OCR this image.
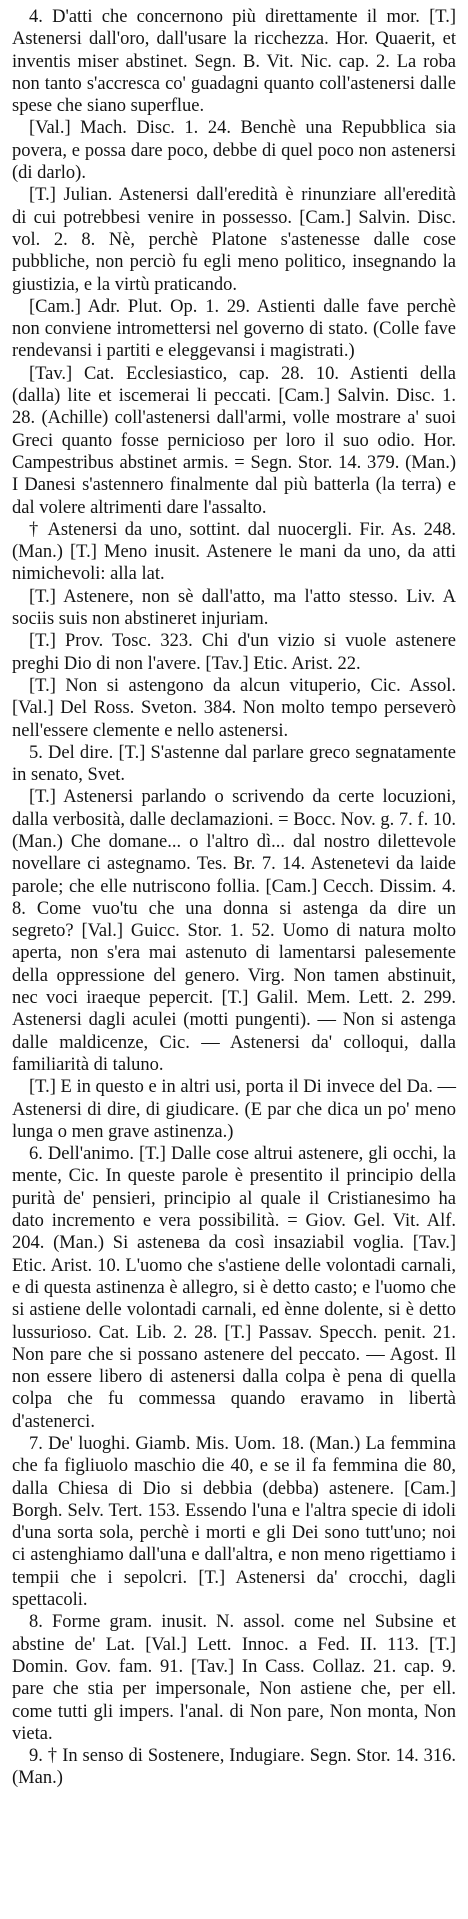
4. D'atti che concernono più direttamente il mor. [T.] Astenersi dall'oro, dall'usare la ricchezza. Hor. Quaerit, et inventis miser abstinet. Segn. B. Vit. Nic. cap. 2. La roba non tanto s'accresca co' guadagni quanto coll'astenersi dalle spese che siano superflue.

[Val.] Mach. Disc. 1. 24. Benchè una Repubblica sia povera, e possa dare poco, debbe di quel poco non astenersi (di darlo).

[T.] Julian. Astenersi dall'eredità è rinunziare all'eredità di cui potrebbesi venire in possesso. [Cam.] Salvin. Disc. vol. 2. 8. Nè, perchè Platone s'astenesse dalle cose pubbliche, non perciò fu egli meno politico, insegnando la giustizia, e la virtù praticando.

[Cam.] Adr. Plut. Op. 1. 29. Astienti dalle fave perchè non conviene intromettersi nel governo di stato. (Colle fave rendevansi i partiti e eleggevansi i magistrati.)

[Tav.] Cat. Ecclesiastico, cap. 28. 10. Astienti della (dalla) lite et iscemerai li peccati. [Cam.] Salvin. Disc. 1. 28. (Achille) coll'astenersi dall'armi, volle mostrare a' suoi Greci quanto fosse pernicioso per loro il suo odio. Hor. Campestribus abstinet armis. = Segn. Stor. 14. 379. (Man.) I Danesi s'astennero finalmente dal più batterla (la terra) e dal volere altrimenti dare l'assalto.

† Astenersi da uno, sottint. dal nuocergli. Fir. As. 248. (Man.) [T.] Meno inusit. Astenere le mani da uno, da atti nimichevoli: alla lat.

[T.] Astenere, non sè dall'atto, ma l'atto stesso. Liv. A sociis suis non abstineret injuriam.

[T.] Prov. Tosc. 323. Chi d'un vizio si vuole astenere preghi Dio di non l'avere. [Tav.] Etic. Arist. 22.

[T.] Non si astengono da alcun vituperio, Cic. Assol. [Val.] Del Ross. Sveton. 384. Non molto tempo perseverò nell'essere clemente e nello astenersi.

5. Del dire. [T.] S'astenne dal parlare greco segnatamente in senato, Svet.

[T.] Astenersi parlando o scrivendo da certe locuzioni, dalla verbosità, dalle declamazioni. = Bocc. Nov. g. 7. f. 10. (Man.) Che domane... o l'altro dì... dal nostro dilettevole novellare ci astegnamo. Tes. Br. 7. 14. Astenetevi da laide parole; che elle nutriscono follia. [Cam.] Cecch. Dissim. 4. 8. Come vuo'tu che una donna si astenga da dire un segreto? [Val.] Guicc. Stor. 1. 52. Uomo di natura molto aperta, non s'era mai astenuto di lamentarsi palesemente della oppressione del genero. Virg. Non tamen abstinuit, nec voci iraeque pepercit. [T.] Galil. Mem. Lett. 2. 299. Astenersi dagli aculei (motti pungenti). — Non si astenga dalle maldicenze, Cic. — Astenersi da' colloqui, dalla familiarità di taluno.

[T.] E in questo e in altri usi, porta il Di invece del Da. — Astenersi di dire, di giudicare. (E par che dica un po' meno lunga o men grave astinenza.)

6. Dell'animo. [T.] Dalle cose altrui astenere, gli occhi, la mente, Cic. In queste parole è presentito il principio della purità de' pensieri, principio al quale il Cristianesimo ha dato incremento e vera possibilità. = Giov. Gel. Vit. Alf. 204. (Man.) Si astenева da così insaziabil voglia. [Tav.] Etic. Arist. 10. L'uomo che s'astiene delle volontadi carnali, e di questa astinenza è allegro, si è detto casto; e l'uomo che si astiene delle volontadi carnali, ed ènne dolente, si è detto lussurioso. Cat. Lib. 2. 28. [T.] Passav. Specch. penit. 21. Non pare che si possano astenere del peccato. — Agost. Il non essere libero di astenersi dalla colpa è pena di quella colpa che fu commessa quando eravamo in libertà d'astenerci.

7. De' luoghi. Giamb. Mis. Uom. 18. (Man.) La femmina che fa figliuolo maschio die 40, e se il fa femmina die 80, dalla Chiesa di Dio si debbia (debba) astenere. [Cam.] Borgh. Selv. Tert. 153. Essendo l'una e l'altra specie di idoli d'una sorta sola, perchè i morti e gli Dei sono tutt'uno; noi ci astenghiamo dall'una e dall'altra, e non meno rigettiamo i tempii che i sepolcri. [T.] Astenersi da' crocchi, dagli spettacoli.

8. Forme gram. inusit. N. assol. come nel Subsine et abstine de' Lat. [Val.] Lett. Innoc. a Fed. II. 113. [T.] Domin. Gov. fam. 91. [Tav.] In Cass. Collaz. 21. cap. 9. pare che stia per impersonale, Non astiene che, per ell. come tutti gli impers. l'anal. di Non pare, Non monta, Non vieta.

9. † In senso di Sostenere, Indugiare. Segn. Stor. 14. 316. (Man.)
